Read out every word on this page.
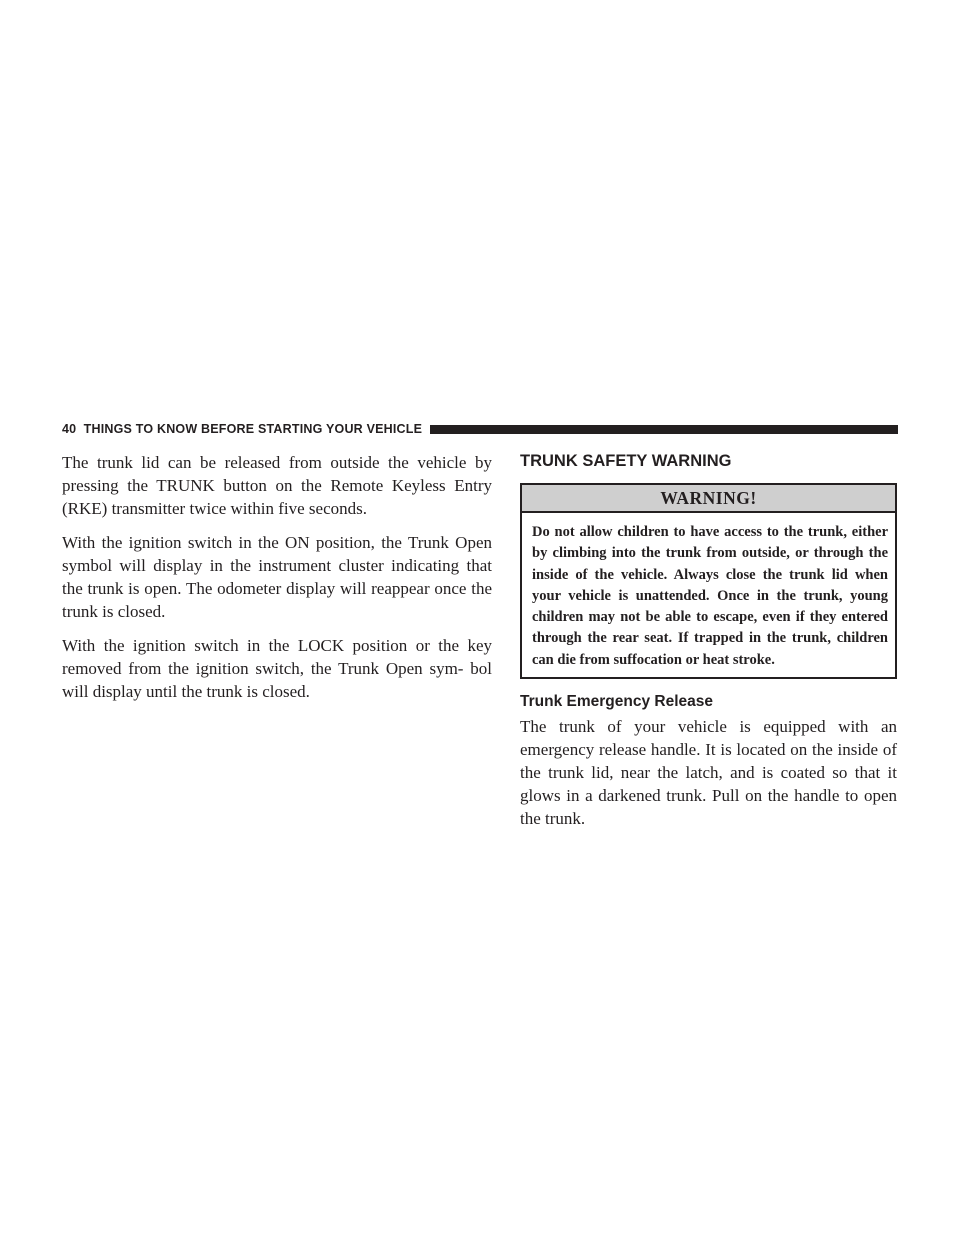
40 THINGS TO KNOW BEFORE STARTING YOUR VEHICLE

The trunk lid can be released from outside the vehicle by pressing the TRUNK button on the Remote Keyless Entry (RKE) transmitter twice within five seconds.

With the ignition switch in the ON position, the Trunk Open symbol will display in the instrument cluster indicating that the trunk is open. The odometer display will reappear once the trunk is closed.

With the ignition switch in the LOCK position or the key removed from the ignition switch, the Trunk Open sym- bol will display until the trunk is closed.

TRUNK SAFETY WARNING
WARNING!
Do not allow children to have access to the trunk, either by climbing into the trunk from outside, or through the inside of the vehicle. Always close the trunk lid when your vehicle is unattended. Once in the trunk, young children may not be able to escape, even if they entered through the rear seat. If trapped in the trunk, children can die from suffocation or heat stroke.
Trunk Emergency Release

The trunk of your vehicle is equipped with an emergency release handle. It is located on the inside of the trunk lid, near the latch, and is coated so that it glows in a darkened trunk. Pull on the handle to open the trunk.
